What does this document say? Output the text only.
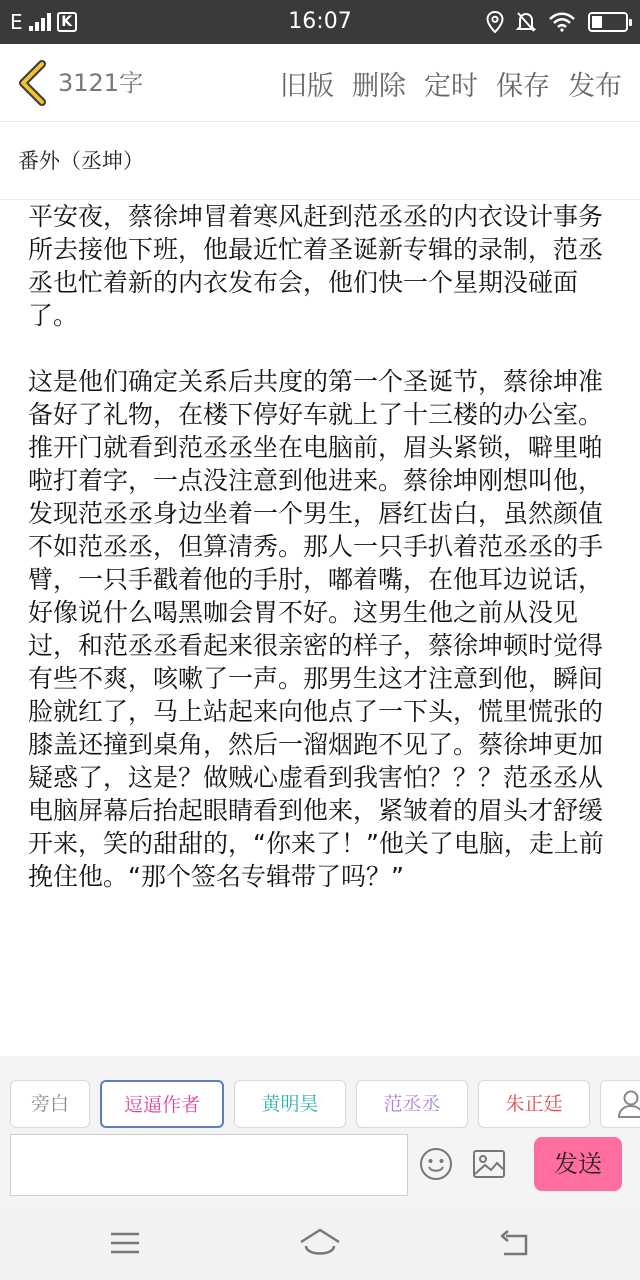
E	K	16:07
3121字	旧版 删除 定时 保存 发布
番外（丞坤）

平安夜，蔡徐坤冒着寒风赶到范丞丞的内衣设计事务所去接他下班，他最近忙着圣诞新专辑的录制，范丞丞也忙着新的内衣发布会，他们快一个星期没碰面了。

这是他们确定关系后共度的第一个圣诞节，蔡徐坤准备好了礼物，在楼下停好车就上了十三楼的办公室。推开门就看到范丞丞坐在电脑前，眉头紧锁，噼里啪啦打着字，一点没注意到他进来。蔡徐坤刚想叫他，发现范丞丞身边坐着一个男生，唇红齿白，虽然颜值不如范丞丞，但算清秀。那人一只手扒着范丞丞的手臂，一只手戳着他的手肘，嘟着嘴，在他耳边说话，好像说什么喝黑咖会胃不好。这男生他之前从没见过，和范丞丞看起来很亲密的样子，蔡徐坤顿时觉得有些不爽，咳嗽了一声。那男生这才注意到他，瞬间脸就红了，马上站起来向他点了一下头，慌里慌张的膝盖还撞到桌角，然后一溜烟跑不见了。蔡徐坤更加疑惑了，这是？做贼心虚看到我害怕？？？范丞丞从电脑屏幕后抬起眼睛看到他来，紧皱着的眉头才舒缓开来，笑的甜甜的，“你来了！”他关了电脑，走上前挽住他。“那个签名专辑带了吗？”

旁白	逗逼作者	黄明昊	范丞丞	朱正廷
发送
